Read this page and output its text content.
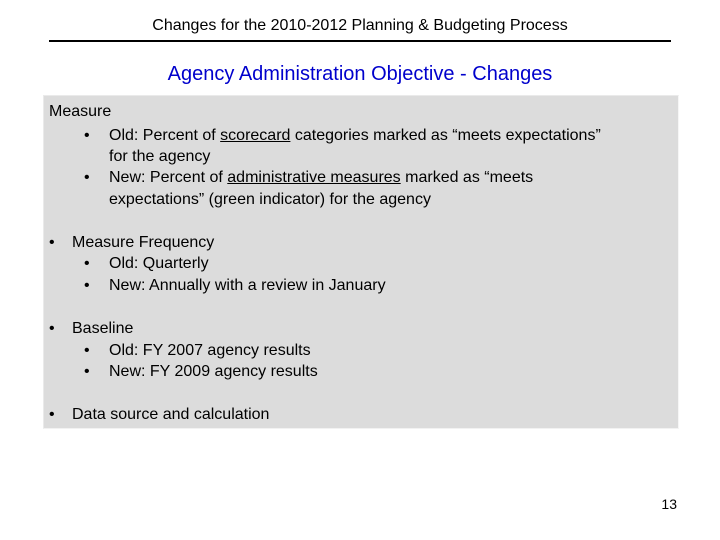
Changes for the 2010-2012 Planning & Budgeting Process
Agency Administration Objective - Changes
Measure
• Old: Percent of scorecard categories marked as “meets expectations”
for the agency
• New: Percent of administrative measures marked as “meets
expectations” (green indicator) for the agency
• Measure Frequency
• Old: Quarterly
• New: Annually with a review in January
• Baseline
• Old: FY 2007 agency results
• New: FY 2009 agency results
• Data source and calculation
13
